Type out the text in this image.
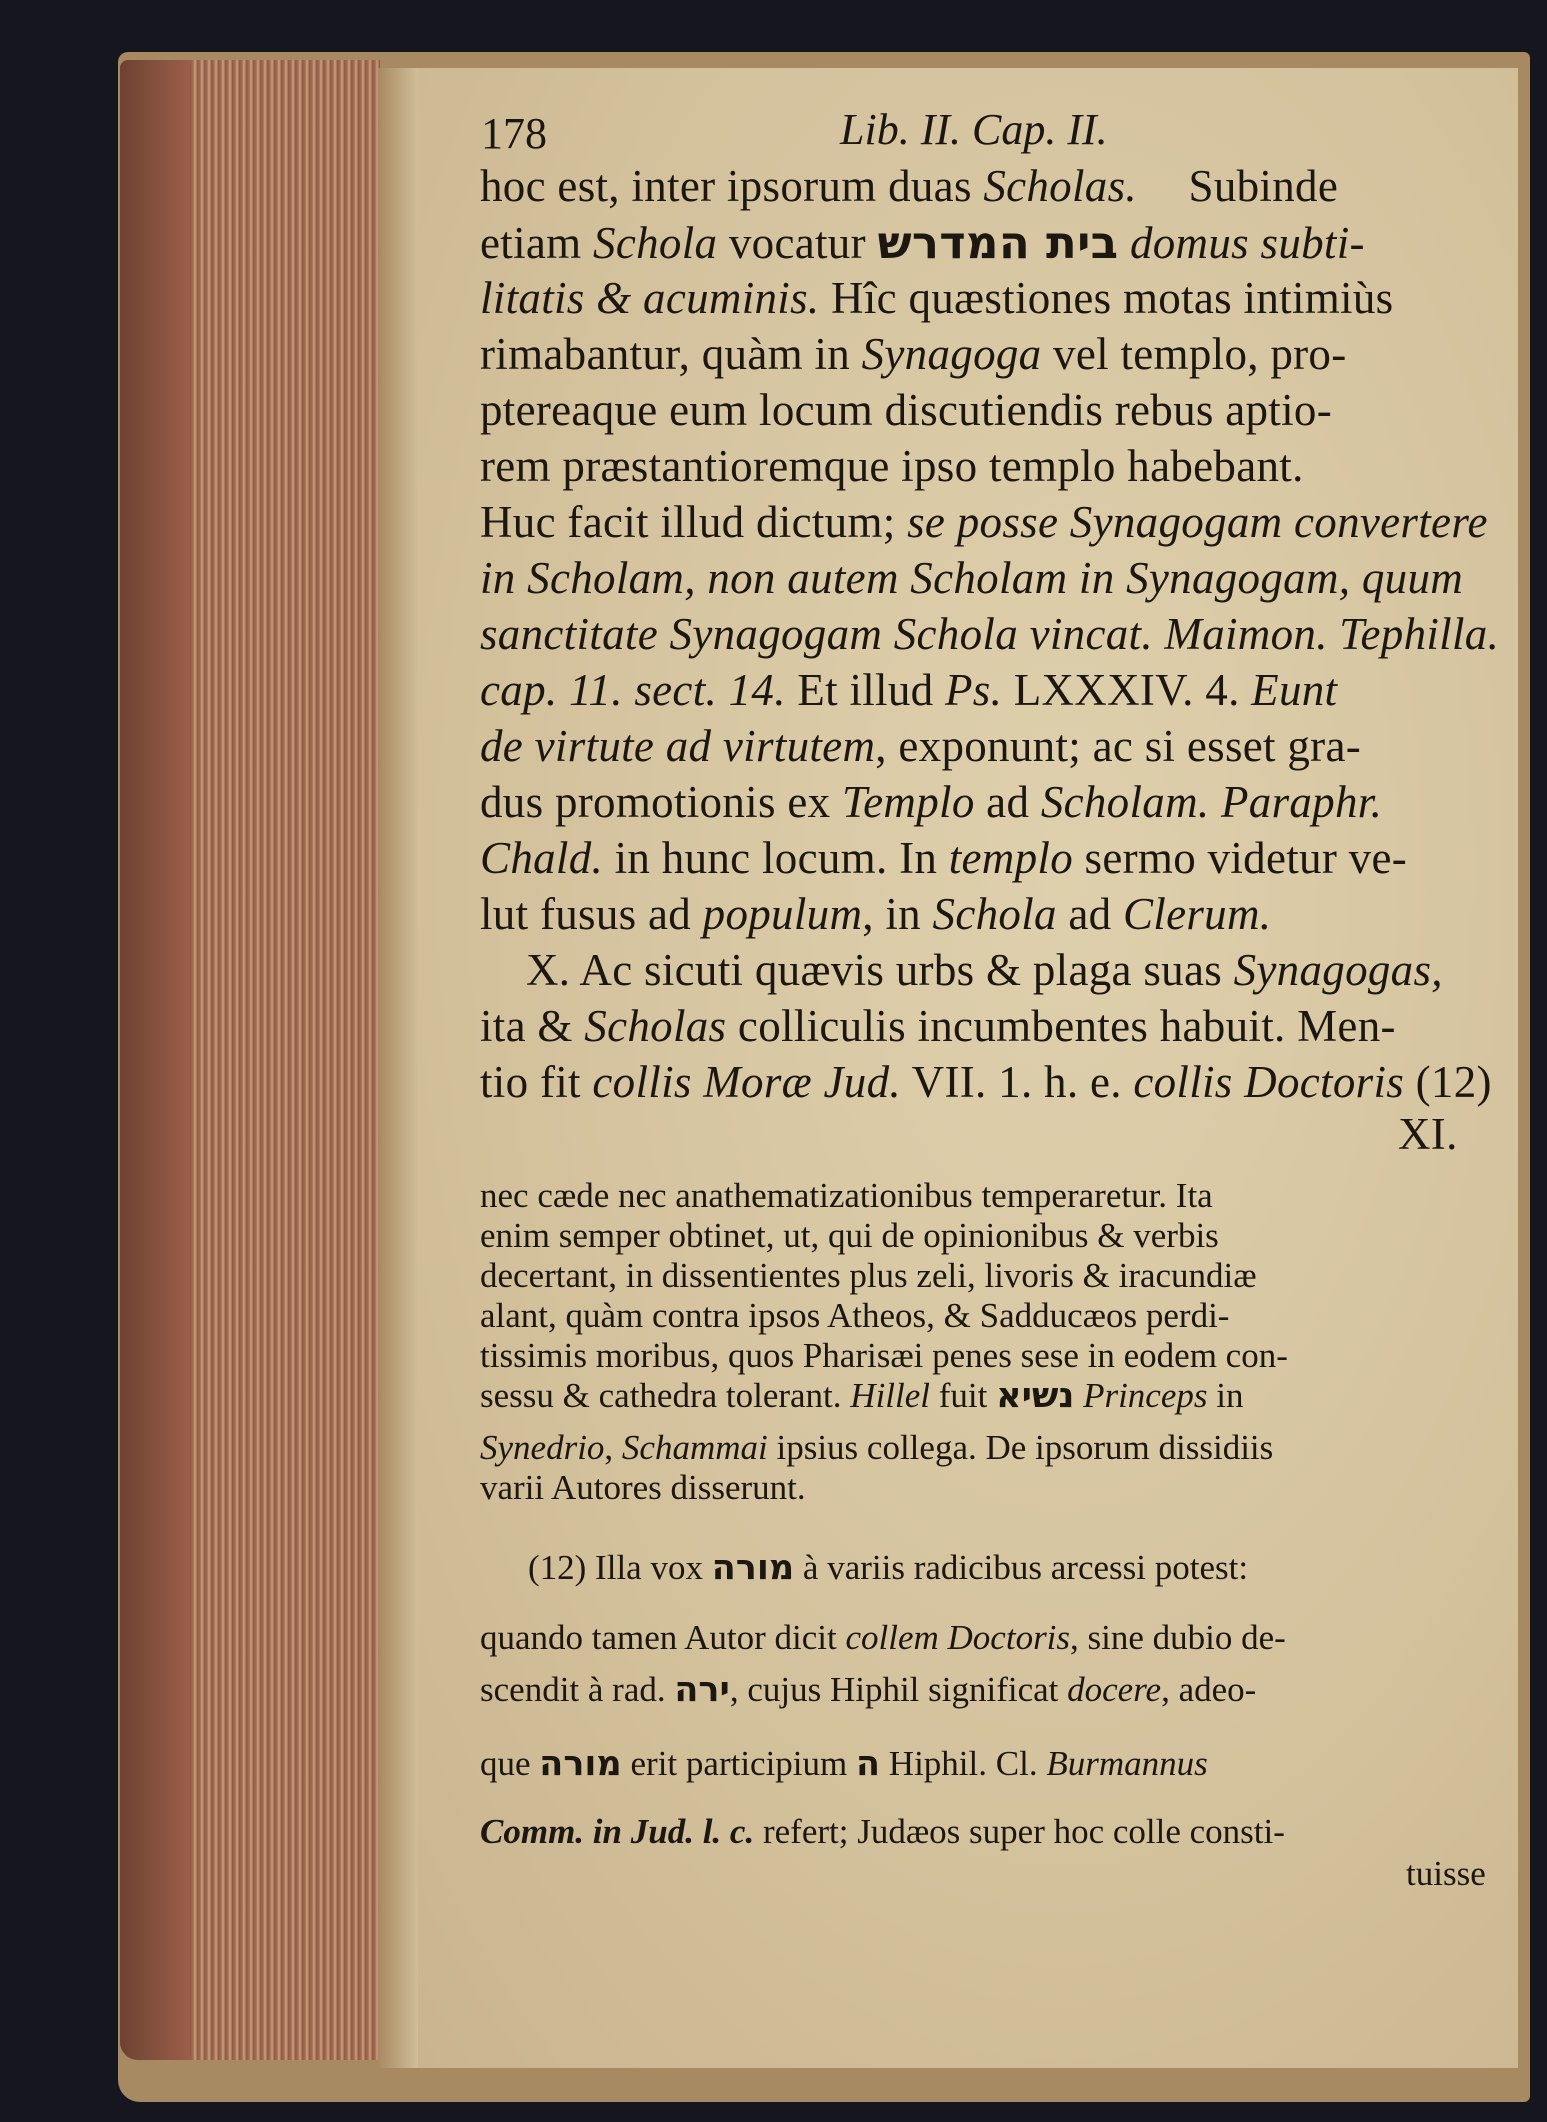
178	Lib. II. Cap. II.
hoc est, inter ipsorum duas Scholas. Subinde
etiam Schola vocatur בית המדרש domus subti-
litatis & acuminis. Hîc quæstiones motas intimiùs
rimabantur, quàm in Synagoga vel templo, pro-
ptereaque eum locum discutiendis rebus aptio-
rem præstantioremque ipso templo habebant.
Huc facit illud dictum; se posse Synagogam convertere
in Scholam, non autem Scholam in Synagogam, quum
sanctitate Synagogam Schola vincat. Maimon. Tephilla.
cap. 11. sect. 14. Et illud Ps. LXXXIV. 4. Eunt
de virtute ad virtutem, exponunt; ac si esset gra-
dus promotionis ex Templo ad Scholam. Paraphr.
Chald. in hunc locum. In templo sermo videtur ve-
lut fusus ad populum, in Schola ad Clerum.
X. Ac sicuti quævis urbs & plaga suas Synagogas,
ita & Scholas colliculis incumbentes habuit. Men-
tio fit collis Moræ Jud. VII. 1. h. e. collis Doctoris (12)
XI.
nec cæde nec anathematizationibus temperaretur. Ita
enim semper obtinet, ut, qui de opinionibus & verbis
decertant, in dissentientes plus zeli, livoris & iracundiæ
alant, quàm contra ipsos Atheos, & Sadducæos perdi-
tissimis moribus, quos Pharisæi penes sese in eodem con-
sessu & cathedra tolerant. Hillel fuit נשיא Princeps in
Synedrio, Schammai ipsius collega. De ipsorum dissidiis
varii Autores disserunt.
(12) Illa vox מורה à variis radicibus arcessi potest:
quando tamen Autor dicit collem Doctoris, sine dubio de-
scendit à rad. ירה, cujus Hiphil significat docere, adeo-
que מורה erit participium ה Hiphil. Cl. Burmannus
Comm. in Jud. l. c. refert; Judæos super hoc colle consti-
tuisse
